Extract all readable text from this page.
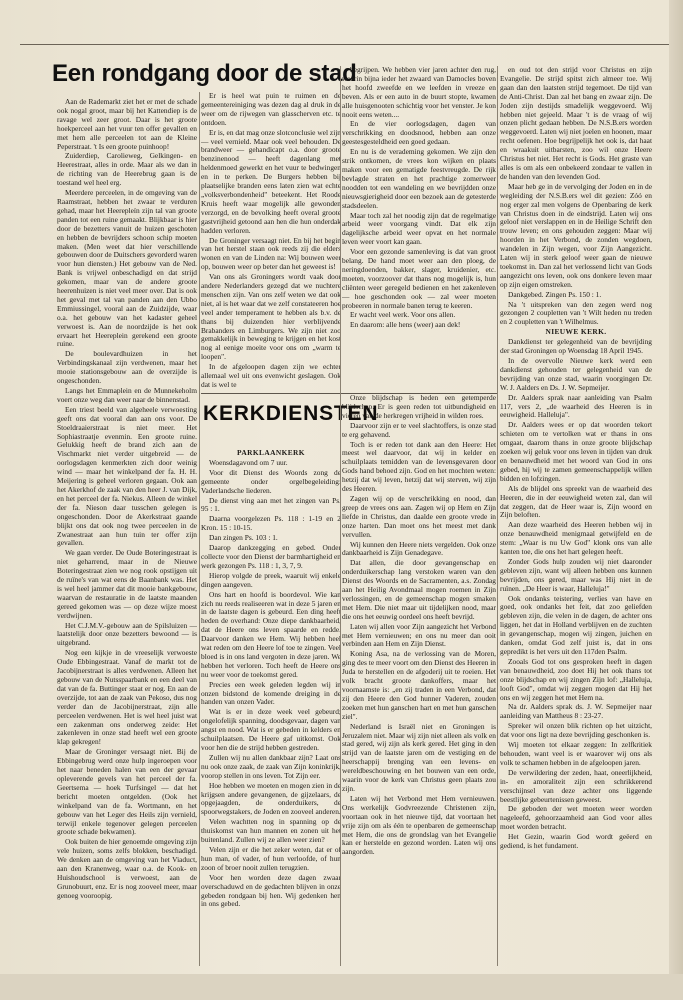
Een rondgang door de stad

Aan de Rademarkt ziet het er met de schade ook nogal groot, maar bij het Kattendiep is de ravage wel zeer groot. Daar is het groote hoekperceel aan het vuur ten offer gevallen en met hem alle perceelen tot aan de Kleine Peperstraat. 't Is een groote puinhoop!

Zuiderdiep, Carolieweg, Gelkingen- en Heerestraat, alles in orde. Maar als we dan in de richting van de Heerebrug gaan is de toestand wel heel erg.

Meerdere perceelen, in de omgeving van de Raamstraat, hebben het zwaar te verduren gehad, maar het Heerepleín zijn tal van groote panden tot een ruine gemaakt. Blijkbaar is hier door de bezetters vanuit de huizen geschoten en hebben de bevrijders schoon schip moeten maken. (Men weet dat hier verschillende gebouwen door de Duitschers gevorderd waren voor hun diensten.) Het gebouw van de Ned. Bank is vrijwel onbeschadigd en dat strijd gekomen, maar van de andere groote heerenhuizen is niet veel meer over. Dat is ook het geval met tal van panden aan den Ubbo Emmiussingel, vooral aan de Zuidzijde, waar o.a. het gebouw van het kadaster geheel verwoest is. Aan de noordzijde is het ook ervaart het Heereplein gerekend een groote ruine.

De boulevardhuizen in het Verbindingskanaal zijn verdwenen, maar het mooie stationsgebouw aan de overzijde is ongeschonden.

Langs het Emmaplein en de Munnekeholm voert onze weg dan weer naar de binnenstad.

Een triest beeld van algeheele verwoesting geeft ons dat vooral dan aan ons voor. De Stoeldraaierstraat is niet meer. Het Sophiastraatje evenmin. Een groote ruine. Gelukkig heeft de brand zich aan de Vischmarkt niet verder uitgebreid — de oorlogsdagen kenmerkten zich door weinig wind — maar het winkelpand der fa. H. H. Meijering is geheel verloren gegaan. Ook aan het Akerkhof de zaak van den heer J. van Dijk, en het perceel der fa. Niekus. Alleen de winkel der fa. Nieson daar tusschen gelegen is ongeschonden. Door de Akerkstraat gaande blijkt ons dat ook nog twee perceelen in de Zwanestraat aan hun tuin ter offer zijn gevallen.

We gaan verder. De Oude Boteringestraat is niet geharrend, maar in de Nieuwe Boteringestraat zien we nog rook opstijgen uit de ruïne's van wat eens de Baanbank was. Het is wel heel jammer dat dit mooie bankgebouw, waarvan de restauratie in de laatste maanden gereed gekomen was — op deze wijze moest verdwijnen.

Het C.J.M.V.-gebouw aan de Spilsluizen — laatstelijk door onze bezetters bewoond — is uitgebrand.

Nog een kijkje in de vreeselijk verwoeste Oude Ebbingestraat. Vanaf de markt tot de Jacobijnerstraat is alles verdwenen. Alleen het gebouw van de Nutsspaarbank en een deel van dat van de fa. Buttinger staat er nog. En aan de overzijde, tot aan de zaak van Pekoso, dus nog verder dan de Jacobijnerstraat, zijn alle perceelen verdwenen. Het is wel heel juist wat een zakenman ons onderweg zeide: Het zakenleven in onze stad heeft wel een groote klap gekregen!

Maar de Groninger versaagt niet. Bij de Ebbingebrug werd onze hulp ingeroepen voor het naar beneden halen van een der gevaar opleverende gevels van het perceel der fa. Geertsema — hoek Turfsingel — dat het bericht moeten ontgelden. (Ook het winkelpand van de fa. Wortmann, en het gebouw van het Leger des Heils zijn vernield, terwijl enkele tegenover gelegen perceelen groote schade bekwamen).

Ook buiten de hier genoemde omgeving zijn vele huizen, soms zelfs blokken, beschadigd. We denken aan de omgeving van het Viaduct, aan den Kranenweg, waar o.a. de Kook- en Huishoudschool is verwoest, aan de Grunobuurt, enz. Er is nog zooveel meer, maar genoeg vooroopig.

Er is heel wat puin te ruimen en de gemeentereiniging was dezen dag al druk in de weer om de rijwegen van glasscherven etc. te ontdoen.

Er is, en dat mag onze slotconclusie wel zijn — veel vernield. Maar ook veel behouden. De brandweer — gehandicapt o.a. door groote benzinenood — heeft dagenlang met heldenmoed gewerkt en het vuur te bedwingen en in te perken. De Burgers hebben bij plaatselijke branden eens laten zien wat echte „volksverbondenheid" beteekent. Het Roode Kruis heeft waar mogelijk alle gewonden verzorgd, en de bevolking heeft overal groote gastvrijheid getoond aan hen die hun onderdak hadden verloren.

De Groninger versaagt niet. En bij het begin van het herstel staan ook reeds zij die elders wonen en van de Linden na: Wij bouwen weer op, bouwen weer op beter dan het geweest is!

Van ons als Groningers wordt vaak door andere Nederlanders gezegd dat we nuchtere menschen zijn. Van ons zelf weten we dat ook niet, al is het waar dat we zelf constateeren hoe veel ander temperament te hebben als b.v. de thans bij duizenden hier verblijvende Brabanders en Limburgers. We zijn niet zoo gemakkelijk in beweging te krijgen en het kost nog al eenige moeite voor ons om „warm te loopen".

In de afgeloopen dagen zijn we echter allemaal wel uit ons evenwicht geslagen. Ook dat is wel te

KERKDIENSTEN
PARKLAANKERK

Woensdagavond om 7 uur.

Voor dit Dienst des Woords zong de gemeente onder orgelbegeleiding: Vaderlandsche liederen.

De dienst ving aan met het zingen van Ps. 95 : 1.

Daarna voorgelezen Ps. 118 : 1-19 en 2 Kron. 15 : 10-15.

Dan zingen Ps. 103 : 1.

Daarop dankzegging en gebed. Onder collecte voor den Dienst der barmhartigheid en werk gezongen Ps. 118 : 1, 3, 7, 9.

Hierop volgde de preek, waaruit wij enkele dingen aangeven.

Ons hart en hoofd is boordevol. Wie kan zich nu reeds realiseeren wat in deze 5 jaren en in de laatste dagen is gebeurd. Een ding heeft heden de overhand: Onze diepe dankbaarheid, dat de Heere ons leven spaarde en redde. Daarvoor danken we Hem. Wij hebben heel wat reden om den Heere lof toe te zingen. Veel bloed is in ons land vergoten in deze jaren. We hebben het verloren. Toch heeft de Heere ons nu weer voor de toekomst gered.

Precies een week geleden legden wij in onzen bidstond de komende dreiging in de handen van onzen Vader.

Wat is er in deze week veel gebeurd; ongelofelijk spanning, doodsgevaar, dagen van angst en nood. Wat is er gebeden in kelders en schuilplaatsen. De Heere gaf uitkomst. Ook voor hen die de strijd hebben gestreden.

Zullen wij nu allen dankbaar zijn? Laat ons nu ook onze zaak, de zaak van Zijn koninkrijk, voorop stellen in ons leven. Tot Zijn eer.

Hoe hebben we moeten en mogen zien in de krijgsen andere gevangenen, de gijzelaars, de opgejaagden, de onderduikers, de spoorwegstakers, de Joden en zooveel anderen.

Velen wachtten nog in spanning op de thuiskomst van hun mannen en zonen uit het buitenland. Zullen wij ze allen weer zien?

Velen zijn er die het zeker weten, dat er of hun man, of vader, of hun verloofde, of hun zoon of broer nooit zullen terugzien.

Voor hen worden deze dagen zwaar overschaduwd en de gedachten blijven in onze gebeden rondgaan bij hen. Wij gedenken hen in ons gebed.

begrijpen. We hebben vier jaren achter den rug, waarin bijna ieder het zwaard van Damocles boven het hoofd zweefde en we leefden in vreeze en beven. Als er een auto in de buurt stopte, kwamen alle huisgenooten schichtig voor het venster. Je kon nooit eens weten....

En de vier oorlogsdagen, dagen van verschrikking en doodsnood, hebben aan onze geestesgesteldheid een goed gedaan.

En nu is de verademing gekomen. We zijn den strik ontkomen, de vrees kon wijken en plaats maken voor een gematigde feestvreugde. De rijk bevlagde straten en het prachtige zomerweer noodden tot een wandeling en we bevrijdden onze nieuwsgierigheid door een bezoek aan de getesterde stadsdeelen.

Maar toch zal het noodig zijn dat de regelmatige arbeid weer voorgang vindt. Dat elk zijn dagelijksche arbeid weer opvat en het normale leven weer voort kan gaan.

Voor een gezonde samenleving is dat van groot belang. De hand moet weer aan den ploeg, de neringdoenden, bakker, slager, kruidenier, etc. moeten, voorzoover dat thans nog mogelijk is, hun cliënten weer geregeld bedienen en het zakenleven — hoe geschonden ook — zal weer moeten probeeren in normale banen terug te keeren.

Er wacht veel werk. Voor ons allen.

En daarom: alle hens (weer) aan dek!

Onze blijdschap is heden een getemperde blijdschap. Er is geen reden tot uitbundigheid en vieren van de herkregen vrijheid in wilden roes.

Daarvoor zijn er te veel slachtoffers, is onze stad te erg gehavend.

Toch is er reden tot dank aan den Heere: Het meest wel daarvoor, dat wij in kelder en schuilplaats temidden van de levensgevaren door Gods hand behoed zijn. God en het mochten weten: hetzij dat wij leven, hetzij dat wij sterven, wij zijn des Heeren.

Zagen wij op de verschrikking en nood, dan greep de vrees ons aan. Zagen wij op Hem en Zijn liefde in Christus, dan daalde een groote vrede in onze harten. Dan moet ons het meest met dank vervullen.

Wij kunnen den Heere niets vergelden. Ook onze dankbaarheid is Zijn Genadegave.

Dat allen, die door gevangenschap en onderduikerschap lang verstoken waren van den Dienst des Woords en de Sacramenten, a.s. Zondag aan het Heilig Avondmaal mogen roemen in Zijn verlossingen, en de gemeenschap mogen smaken met Hem. Die niet maar uit tijdelijken nood, maar die ons het eeuwig oordeel ons heeft bevrijd.

Laten wij allen voor Zijn aangezicht het Verbond met Hem vernieuwen; en ons nu meer dan ooit verbinden aan Hem en Zijn Dienst.

Koning Asa, na de verlossing van de Moren, ging des te meer voort om den Dienst des Heeren in Juda te herstellen en de afgoderij uit te roeien. Het volk bracht groote dankoffers, maar het voornaamste is: „en zij traden in een Verbond, dat zij den Heere den God hunner Vaderen, zouden zoeken met hun ganschen hart en met hun ganschen ziel".

Nederland is Israël niet en Groningen is Jeruzalem niet. Maar wij zijn niet alleen als volk en stad gered, wij zijn als kerk gered. Het ging in den strijd van de laatste jaren om de vestiging en de heerschappij brenging van een levens- en wereldbeschouwing en het bouwen van een orde, waarin voor de kerk van Christus geen plaats zou zijn.

Laten wij het Verbond met Hem vernieuwen. Ons werkelijk Godvreezende Christenen zijn, voortaan ook in het nieuwe tijd, dat voortaan het vrije zijn om als één te openbaren de gemeenschap met Hem, die ons de grondslag van het Evangelie kan er herstelde en gezond worden. Laten wij ons aangorden.

en oud tot den strijd voor Christus en zijn Evangelie. De strijd spitst zich almeer toe. Wij gaan dan den laatsten strijd tegemoet. De tijd van de Anti-Christ. Dan zal het bang en zwaar zijn. De Joden zijn destijds smadelijk weggevoerd. Wij hebben niet gejeeld. Maar 't is de vraag of wij onzen plicht gedaan hebben. De N.S.B.ers worden weggevoerd. Laten wij niet joelen en hoonen, maar recht oefenen. Hoe begrijpelijk het ook is, dat haat en wraakuit uitbarsten, zoo wil onze Heere Christus het niet. Het recht is Gods. Het graste van alles is om als een onbekeerd zondaar te vallen in de handen van den levenden God.

Maar heb ge in de vervolging der Joden en in de wegleiding der N.S.B.ers wel dit gezien: Zóó en nog erger zal men volgens de Openbaring de kerk van Christus doen in de eindstrijd. Laten wij ons geloof niet verslappen en in de Heilige Schrift den trouw leven; en ons gehouden zeggen: Maar wij hoorden in het Verbond, de zonden wegdoen, wandelen in Zijn wegen, voor Zijn Aangezicht. Laten wij in sterk geloof weer gaan de nieuwe toekomst in. Dan zal het verlossend licht van Gods aangezicht ons leven, ook ons donkere leven maar op zijn eigen omstreken.

Dankgebed. Zingen Ps. 150 : 1.

Na 't uitspreken van den zegen werd nog gezongen 2 coupletten van 't Wilt heden nu treden en 2 coupletten van 't Wilhelmus.

NIEUWE KERK.

Dankdienst ter gelegenheid van de bevrijding der stad Groningen op Woensdag 18 April 1945.

In de overvolle Nieuwe kerk werd een dankdienst gehouden ter gelegenheid van de bevrijding van onze stad, waarin voorgingen Dr. W. J. Aalders en Ds. J. W. Sepmeijer.

Dr. Aalders sprak naar aanleiding van Psalm 117, vers 2, „de waarheid des Heeren is in eeuwigheid. Halleluja".

Dr. Aalders wees er op dat woorden tekort schieten om te vertolken wat er thans in ons omgaat, daarom thans in onze groote blijdschap zoeken wij geluk voor ons leven in tijden van druk en benauwdheid met het woord van God in ons gebed, hij wij te zamen gemeenschappelijk willen bidden en lofzingen.

Als de blijdel ons spreekt van de waarheid des Heeren, die in der eeuwigheid weten zal, dan wil dat zeggen, dat de Heer waar is, Zijn woord en Zijn beloften.

Aan deze waarheid des Heeren hebben wij in onze benauwdheid menigmaal getwijfeld en de stem: „Waar is nu Uw God" klonk ons van alle kanten toe, die ons het hart gelegen heeft.

Zonder Gods hulp zouden wij niet daaronder gebleven zijn, want wij alleen hebben ons kunnen bevrijden, ons gered, maar was Hij niet in de ruïnen. „De Heer is waar, Halleluja!"

Ook ondanks teistering, verlies van have en goed, ook ondanks het feit, dat zoo geliefden gebleven zijn, die velen in de dagen, de achter ons liggen, het dat in Holland verblijven en de zuchten in gevangenschap, mogen wij zingen, juichen en danken, omdat God zelf juist is, dat in ons gepredikt is het vers uit den 117den Psalm.

Zooals God tot ons gesproken heeft in dagen van benauwdheid, zoo doet Hij het ook thans tot onze blijdschap en wij zingen Zijn lof: „Halleluja, looft God", omdat wij zeggen mogen dat Hij het ons en wij zeggen het met Hem na.

Na dr. Aalders sprak ds. J. W. Sepmeijer naar aanleiding van Mattheus 8 : 23-27.

Spreker wil onzen blik richten op het uitzicht, dat voor ons ligt na deze bevrijding geschonken is.

Wij moeten tot elkaar zeggen: In zelfkritiek behouden, want veel is er waarover wij ons als volk te schamen hebben in de afgeloopen jaren.

De verwildering der zeden, haat, oneerlijkheid, in- en amoraliteit zijn een schrikkerend verschijnsel van deze achter ons liggende beestlijke gebeurtenissen geweest.

De geboden der wet moeten weer worden nageleefd, gehoorzaamheid aan God voor alles moet worden betracht.

Het Gezin, waarin God wordt geëerd en gediend, is het fundament.
